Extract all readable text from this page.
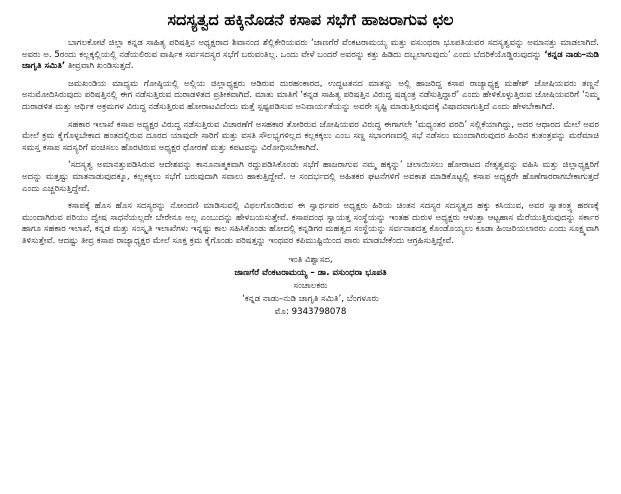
ಸದಸ್ಯತ್ವದ ಹಕ್ಕಿನೊಡನೆ ಕಸಾಪ ಸಭೆಗೆ ಹಾಜರಾಗುವ ಛಲ

ಬಾಗಲಕೋಟೆ ಜಿಲ್ಲಾ ಕನ್ನಡ ಸಾಹಿತ್ಯ ಪರಿಷತ್ತಿನ ಅಧ್ಯಕ್ಷರಾದ ಶಿವಾನಂದ ಶೆಲ್ಲಿಕೇರಿಯವರು ‘ಜಾಣಗೆರೆ ವೆಂಕಟರಾಮಯ್ಯ ಮತ್ತು ವಸುಂಧರಾ ಭೂಪತಿಯವರ ಸದಸ್ಯತ್ವವನ್ನು ಅಮಾನತ್ತು ಮಾಡಲಾಗಿದೆ. ಅವರು ಅ. 5ರಂದು ಕಲ್ಲಕ್ಕಲ್ಲಿಯಲ್ಲಿ ನಡೆಯಲಿರುವ ವಾರ್ಷಿಕ ಸರ್ವಸದಸ್ಯರ ಸಭೆಗೆ ಬರುವಂತಿಲ್ಲ. ಒಂದು ವೇಳೆ ಬಂದರೆ ಅವರನ್ನು ಕತ್ತು ಹಿಡಿದು ದಬ್ಬಲಾಗುವುದು’ ಎಂದು ಬೆದರಿಕೆಯೊಡ್ಡಿರುವುದನ್ನು ‘ಕನ್ನಡ ನಾಡು–ನುಡಿ ಜಾಗೃತಿ ಸಮಿತಿ’ ತೀವ್ರವಾಗಿ ಖಂಡಿಸುತ್ತದೆ.

ಜಮಖಂಡಿಯ ಮಾಧ್ಯಮ ಗೋಷ್ಠಿಯಲ್ಲಿ ಅಲ್ಲಿಯ ಜಿಲ್ಲಾಧ್ಯಕ್ಷರು ಆಡಿರುವ ದುರಹಂಕಾರದ, ಉದ್ಧಟತನದ ಮಾತನ್ನು ಅಲ್ಲಿ ಹಾಜರಿದ್ದ ಕಸಾಪ ರಾಜ್ಯಾಧ್ಯಕ್ಷ ಮಹೇಶ್ ಜೋಷಿಯವರು ತಣ್ಣನೆ ಅನುಮೋದಿಸಿರುವುದು ಪರಿಷತ್ತಿನಲ್ಲಿ ಈಗ ನಡೆಸುತ್ತಿರುವ ದುರಾಡಳಿತದ ಪ್ರತೀಕವಾಗಿದೆ. ಮಾತು ಮಾತಿಗೆ ‘ಕನ್ನಡ ಸಾಹಿತ್ಯ ಪರಿಷತ್ತಿನ ವಿರುದ್ಧ ಷಡ್ಯಂತ್ರ ನಡೆಸುತ್ತಿದ್ದಾರೆ’ ಎಂದು ಹೇಳಿಕೊಳ್ಳುತ್ತಿರುವ ಜೋಷಿಯವರಿಗೆ ‘ನಿಮ್ಮ ದುರಾಡಳಿತ ಮತ್ತು ಆರ್ಥಿಕ ಅಕ್ರಮಗಳ ವಿರುದ್ಧ ನಡೆಸುತ್ತಿರುವ ಹೋರಾಟವಿದೆಂದು ಮತ್ತೆ ಸ್ಪಷ್ಟಪಡಿಸುವ ಅನಿವಾರ್ಯತೆಯನ್ನು ಅವರೇ ಸೃಷ್ಟಿ ಮಾಡುತ್ತಿರುವುದಕ್ಕೆ ವಿಷಾದವಾಗುತ್ತಿದೆ ಎಂದು ಹೇಳಬೇಕಾಗಿದೆ.

ಸಹಕಾರ ಇಲಾಖೆ ಕಸಾಪ ಅಧ್ಯಕ್ಷರ ವಿರುದ್ಧ ನಡೆಸುತ್ತಿರುವ ವಿಚಾರಣೆಗೆ ಅಸಹಕಾರ ತೋರಿರುವ ಜೋಷಿಯವರ ವಿರುದ್ಧ ಈಗಾಗಲೇ ‘ಮಧ್ಯಂತರ ವರದಿ’ ಸಲ್ಲಿಕೆಯಾಗಿದ್ದು, ಅದರ ಆಧಾರದ ಮೇಲೆ ಅವರ ಮೇಲೆ ಕ್ರಮ ಕೈಗೊಳ್ಳಬೇಕಾದ ಹಂತದಲ್ಲಿರುವ ದೂರದ ಯಾವುದೇ ಸಾರಿಗೆ ಮತ್ತು ವಸತಿ ಸೌಲಭ್ಯಗಳಿಲ್ಲದ ಕಲ್ಲಕಕ್ಕಲು ಎಂಬ ಸಣ್ಣ ಸಭಾಂಗಣದಲ್ಲಿ ಸಭೆ ನಡೆಸಲು ಮುಂದಾಗಿರುವುದರ ಹಿಂದಿನ ಕುತಂತ್ರವನ್ನು ಮರೆಮಾಚಿ ಸಮಸ್ತ ಕಸಾಪ ಸದಸ್ಯರಿಗೆ ವಂಚಿಸಲು ಹೊರಟಿರುವ ಅಧ್ಯಕ್ಷರ ಧೋರಣೆ ಮತ್ತು ಕಪಟವನ್ನು ವಿರೋಧಿಸಬೇಕಾಗಿದೆ.

‘ಸದಸ್ಯತ್ವ ಅಮಾನತ್ತುಪಡಿಸಿರುವ ಆದೇಶವನ್ನು ಕಾನೂನಾತ್ಮಕವಾಗಿ ರದ್ದುಪಡಿಸಿಕೊಂಡು ಸಭೆಗೆ ಹಾಜರಾಗುವ ನಮ್ಮ ಹಕ್ಕನ್ನು’ ಚಲಾಯಿಸಲು ಹೋರಾಟದ ನೇತೃತ್ವವನ್ನು ವಹಿಸಿ ಮತ್ತು ಜಿಲ್ಲಾಧ್ಯಕ್ಷರಿಗೆ ಅದನ್ನು ಮತ್ತಷ್ಟು ಮಾತನಾಡುವುದಕ್ಕೂ, ಕಲ್ಲಕಕ್ಕಲು ಸಭೆಗೆ ಬರುವುದಾಗಿ ಸವಾಲು ಹಾಕುತ್ತಿದ್ದೇವೆ. ಆ ಸಂದರ್ಭದಲ್ಲಿ ಅಹಿತಕರ ಘಟನೆಗಳಿಗೆ ಅವಕಾಶ ಮಾಡಿಕೊಟ್ಟಲ್ಲಿ ಕಸಾಪ ಅಧ್ಯಕ್ಷರೇ ಹೊಣೆಗಾರರಾಗಬೇಕಾಗುತ್ತದೆ ಎಂದು ಎಚ್ಚರಿಸುತ್ತಿದ್ದೇವೆ.

ಕಸಾಪಕ್ಕೆ ಹೊಸ ಹೊಸ ಸದಸ್ಯರನ್ನು ನೋಂದಣಿ ಮಾಡಿಸುವಲ್ಲಿ ವಿಫಲಗೊಂಡಿರುವ ಈ ಸ್ವಾರ್ಥಪರ ಅಧ್ಯಕ್ಷರು ಹಿರಿಯ ಚಿಂತನ ಸದಸ್ಯರ ಸದಸ್ಯತ್ವದ ಹಕ್ಕು ಕಸಿಯುವ, ಅವರ ಸ್ವಾತಂತ್ರ್ಯ ಹರಣಕ್ಕೆ ಮುಂದಾಗಿರುವ ಪರಿಯು ದ್ವೇಷ ಸಾಧನೆಯಲ್ಲದೇ ಬೇರೇನೂ ಅಲ್ಲ ಎಂಬುದನ್ನು ಹೇಳಬಯಸುತ್ತೇವೆ. ಕಸಾಪದಂಥ ಸ್ವಾಯತ್ತ ಸಂಸ್ಥೆಯನ್ನು ಇಂತಹ ದುರುಳ ಅಧ್ಯಕ್ಷರು ಆಳುತ್ತಾ ಆಟ್ಟಹಾಸ ಮೆರೆಯುತ್ತಿರುವುದನ್ನು ಸರ್ಕಾರ ಹಾಗೂ ಸಹಕಾರ ಇಲಾಖೆ, ಕನ್ನಡ ಮತ್ತು ಸಂಸ್ಕೃತಿ ಇಲಾಖೆಗಳು ಇನ್ನಷ್ಟು ಕಾಲ ಸಹಿಸಿಕೊಂಡು ಹೋದಲ್ಲಿ ಕನ್ನಡಿಗರ ಮಹತ್ವದ ಸಂಸ್ಥೆಯನ್ನು ಸರ್ವನಾಶದತ್ತ ಕೊಂಡೊಯ್ಯಲು ಕೂಡಾ ಹಿಂಜರಿಯಲಾರರು ಎಂದು ಸೂಕ್ಷ್ಮವಾಗಿ ತಿಳಿಸುತ್ತೇವೆ. ಆದಷ್ಟು ತೀವ್ರ ಕಸಾಪ ರಾಜ್ಯಾಧ್ಯಕ್ಷರ ಮೇಲೆ ಸೂಕ್ತ ಕ್ರಮ ಕೈಗೊಂಡು ಪರಿಷತ್ತನ್ನು ಇಂಥವರ ಕಪಿಮುಷ್ಟಿಯಿಂದ ಪಾರು ಮಾಡಬೇಕೆಂದು ಆಗ್ರಹಿಸುತ್ತಿದ್ದೇವೆ.

ಇಂತಿ ವಿಶ್ವಾಸದ,
ಜಾಣಗೆರೆ ವೆಂಕಟರಾಮಯ್ಯ – ಡಾ. ವಸುಂಧರಾ ಭೂಪತಿ
ಸಂಚಾಲಕರು
‘ಕನ್ನಡ ನಾಡು–ನುಡಿ ಜಾಗೃತಿ ಸಮಿತಿ’, ಬೆಂಗಳೂರು
ಮೊ: 9343798078
